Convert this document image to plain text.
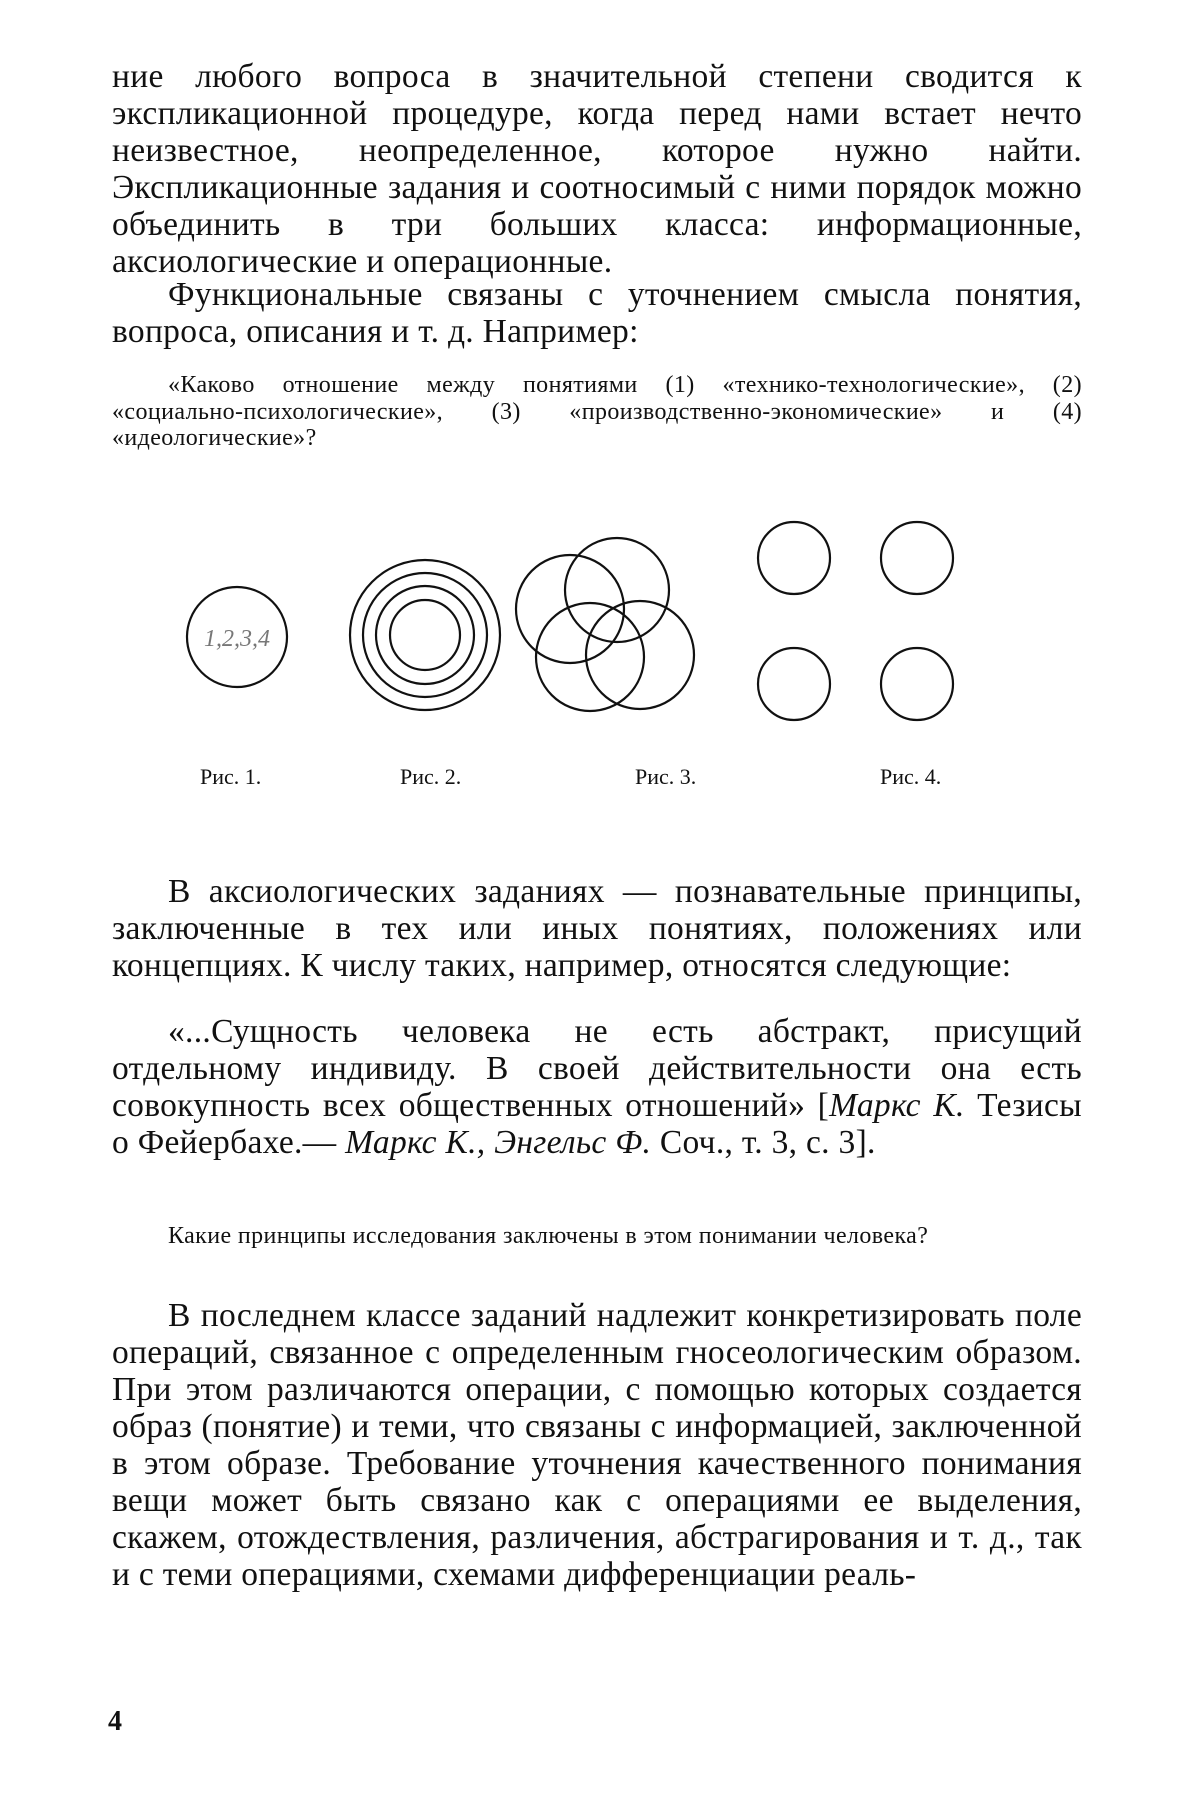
ние любого вопроса в значительной степени сводится к экспликационной процедуре, когда перед нами встает нечто неизвестное, неопределенное, которое нужно найти. Экспликационные задания и соотносимый с ними порядок можно объединить в три больших класса: информационные, аксиологические и операционные.

Функциональные связаны с уточнением смысла понятия, вопроса, описания и т. д. Например:

«Каково отношение между понятиями (1) «технико-технологические», (2) «социально-психологические», (3) «производственно-экономические» и (4) «идеологические»?

1,2,3,4
Рис. 1.	Рис. 2.	Рис. 3.	Рис. 4.

В аксиологических заданиях — познавательные принципы, заключенные в тех или иных понятиях, положениях или концепциях. К числу таких, например, относятся следующие:

«...Сущность человека не есть абстракт, присущий отдельному индивиду. В своей действительности она есть совокупность всех общественных отношений» [Маркс К. Тезисы о Фейербахе.— Маркс К., Энгельс Ф. Соч., т. 3, с. 3].

Какие принципы исследования заключены в этом понимании человека?

В последнем классе заданий надлежит конкретизировать поле операций, связанное с определенным гносеологическим образом. При этом различаются операции, с помощью которых создается образ (понятие) и теми, что связаны с информацией, заключенной в этом образе. Требование уточнения качественного понимания вещи может быть связано как с операциями ее выделения, скажем, отождествления, различения, абстрагирования и т. д., так и с теми операциями, схемами дифференциации реаль-

4
